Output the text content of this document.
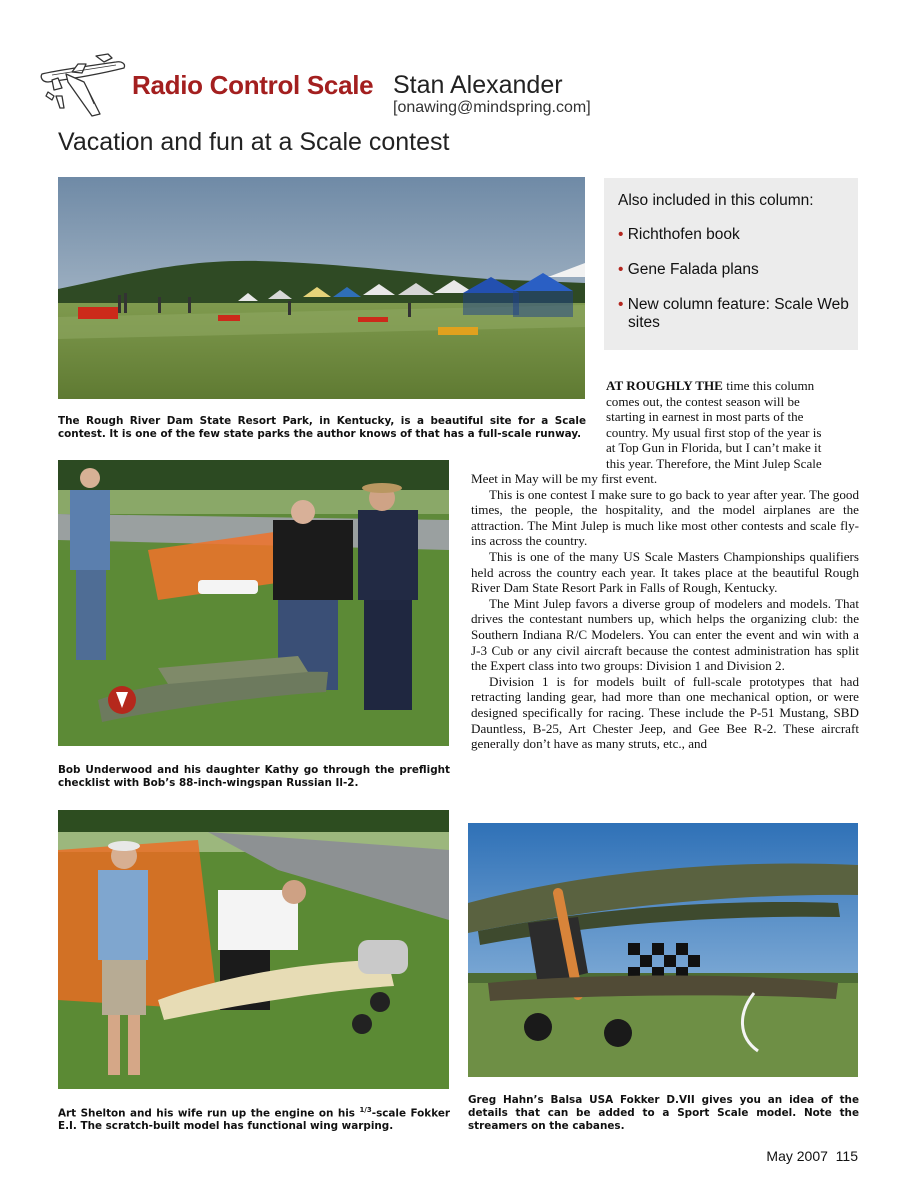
Radio Control Scale Stan Alexander
[onawing@mindspring.com]
Vacation and fun at a Scale contest
Also included in this column:
• Richthofen book
• Gene Falada plans
• New column feature: Scale Web sites
The Rough River Dam State Resort Park, in Kentucky, is a beautiful site for a Scale contest. It is one of the few state parks the author knows of that has a full-scale runway.
Bob Underwood and his daughter Kathy go through the preflight checklist with Bob’s 88-inch-wingspan Russian Il-2.
AT ROUGHLY THE time this column
comes out, the contest season will be
starting in earnest in most parts of the
country. My usual first stop of the year is
at Top Gun in Florida, but I can’t make it
this year. Therefore, the Mint Julep Scale
Meet in May will be my first event.

This is one contest I make sure to go back to year after year. The good times, the people, the hospitality, and the model airplanes are the attraction. The Mint Julep is much like most other contests and scale fly-ins across the country.

This is one of the many US Scale Masters Championships qualifiers held across the country each year. It takes place at the beautiful Rough River Dam State Resort Park in Falls of Rough, Kentucky.

The Mint Julep favors a diverse group of modelers and models. That drives the contestant numbers up, which helps the organizing club: the Southern Indiana R/C Modelers. You can enter the event and win with a J-3 Cub or any civil aircraft because the contest administration has split the Expert class into two groups: Division 1 and Division 2.

Division 1 is for models built of full-scale prototypes that had retracting landing gear, had more than one mechanical option, or were designed specifically for racing. These include the P-51 Mustang, SBD Dauntless, B-25, Art Chester Jeep, and Gee Bee R-2. These aircraft generally don’t have as many struts, etc., and

Art Shelton and his wife run up the engine on his $^{1/3}$-scale Fokker E.I. The scratch-built model has functional wing warping.
Greg Hahn’s Balsa USA Fokker D.VII gives you an idea of the details that can be added to a Sport Scale model. Note the streamers on the cabanes.
May 2007 115
